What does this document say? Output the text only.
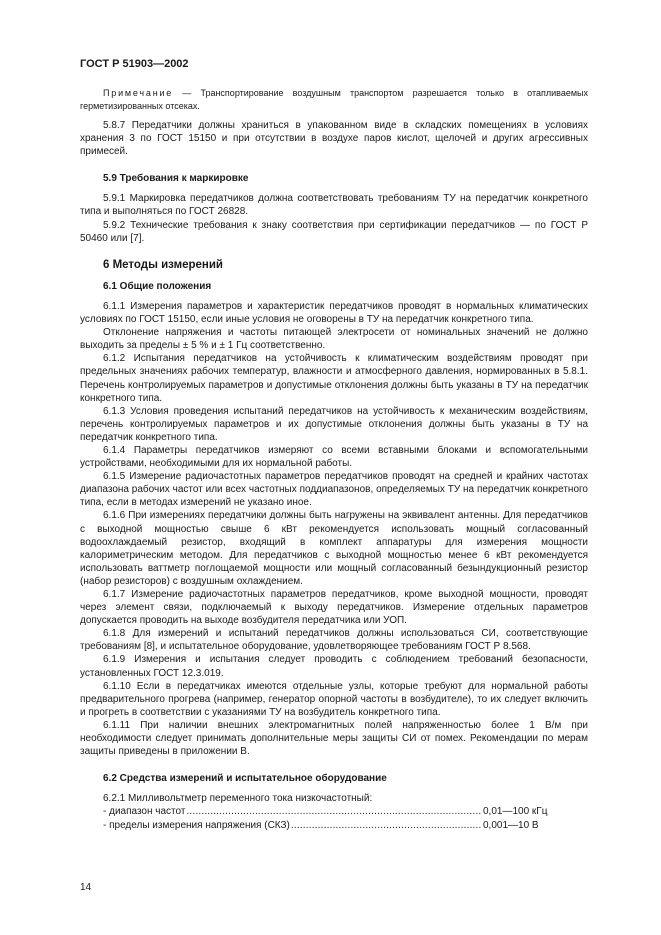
ГОСТ Р 51903—2002

Примечание — Транспортирование воздушным транспортом разрешается только в отапливаемых герметизированных отсеках.

5.8.7 Передатчики должны храниться в упакованном виде в складских помещениях в условиях хранения 3 по ГОСТ 15150 и при отсутствии в воздухе паров кислот, щелочей и других агрессивных примесей.

5.9 Требования к маркировке

5.9.1 Маркировка передатчиков должна соответствовать требованиям ТУ на передатчик конкретного типа и выполняться по ГОСТ 26828.

5.9.2 Технические требования к знаку соответствия при сертификации передатчиков — по ГОСТ Р 50460 или [7].

6 Методы измерений
6.1 Общие положения

6.1.1 Измерения параметров и характеристик передатчиков проводят в нормальных климатических условиях по ГОСТ 15150, если иные условия не оговорены в ТУ на передатчик конкретного типа.

Отклонение напряжения и частоты питающей электросети от номинальных значений не должно выходить за пределы ± 5 % и ± 1 Гц соответственно.

6.1.2 Испытания передатчиков на устойчивость к климатическим воздействиям проводят при предельных значениях рабочих температур, влажности и атмосферного давления, нормированных в 5.8.1. Перечень контролируемых параметров и допустимые отклонения должны быть указаны в ТУ на передатчик конкретного типа.

6.1.3 Условия проведения испытаний передатчиков на устойчивость к механическим воздействиям, перечень контролируемых параметров и их допустимые отклонения должны быть указаны в ТУ на передатчик конкретного типа.

6.1.4 Параметры передатчиков измеряют со всеми вставными блоками и вспомогательными устройствами, необходимыми для их нормальной работы.

6.1.5 Измерение радиочастотных параметров передатчиков проводят на средней и крайних частотах диапазона рабочих частот или всех частотных поддиапазонов, определяемых ТУ на передатчик конкретного типа, если в методах измерений не указано иное.

6.1.6 При измерениях передатчики должны быть нагружены на эквивалент антенны. Для передатчиков с выходной мощностью свыше 6 кВт рекомендуется использовать мощный согласованный водоохлаждаемый резистор, входящий в комплект аппаратуры для измерения мощности калориметрическим методом. Для передатчиков с выходной мощностью менее 6 кВт рекомендуется использовать ваттметр поглощаемой мощности или мощный согласованный безындукционный резистор (набор резисторов) с воздушным охлаждением.

6.1.7 Измерение радиочастотных параметров передатчиков, кроме выходной мощности, проводят через элемент связи, подключаемый к выходу передатчиков. Измерение отдельных параметров допускается проводить на выходе возбудителя передатчика или УОП.

6.1.8 Для измерений и испытаний передатчиков должны использоваться СИ, соответствующие требованиям [8], и испытательное оборудование, удовлетворяющее требованиям ГОСТ Р 8.568.

6.1.9 Измерения и испытания следует проводить с соблюдением требований безопасности, установленных ГОСТ 12.3.019.

6.1.10 Если в передатчиках имеются отдельные узлы, которые требуют для нормальной работы предварительного прогрева (например, генератор опорной частоты в возбудителе), то их следует включить и прогреть в соответствии с указаниями ТУ на возбудитель конкретного типа.

6.1.11 При наличии внешних электромагнитных полей напряженностью более 1 В/м при необходимости следует принимать дополнительные меры защиты СИ от помех. Рекомендации по мерам защиты приведены в приложении В.

6.2 Средства измерений и испытательное оборудование

6.2.1 Милливольтметр переменного тока низкочастотный:

- диапазон частот .....	0,01—100 кГц
- пределы измерения напряжения (СКЗ) .....	0,001—10 В
14
